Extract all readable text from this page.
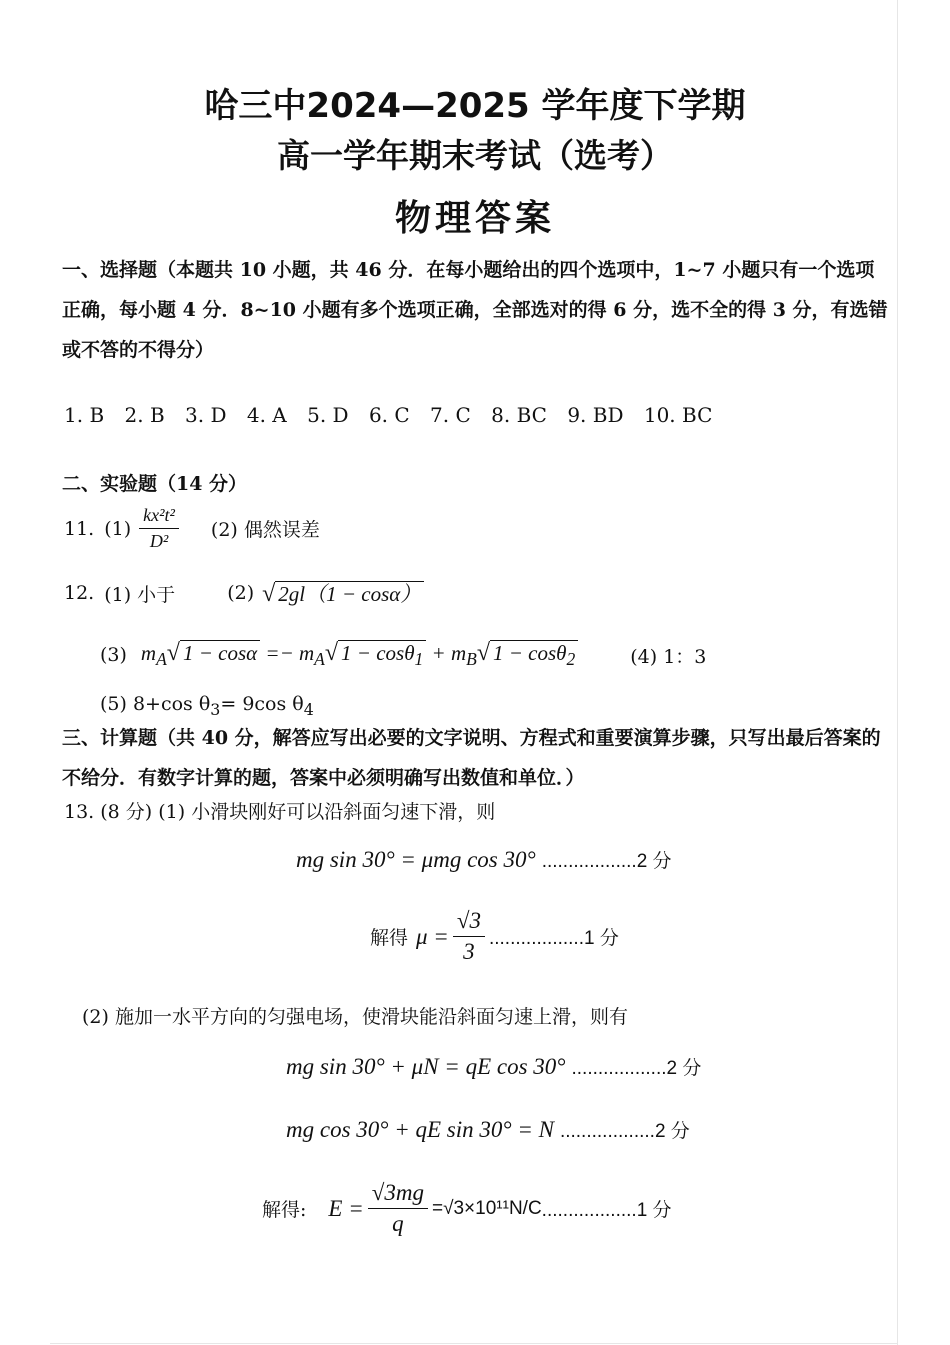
哈三中2024—2025 学年度下学期
高一学年期末考试（选考）
物理答案
一、选择题（本题共 10 小题，共 46 分．在每小题给出的四个选项中，1~7 小题只有一个选项正确，每小题 4 分．8~10 小题有多个选项正确，全部选对的得 6 分，选不全的得 3 分，有选错或不答的不得分）
1. B 2. B 3. D 4. A 5. D 6. C 7. C 8. BC 9. BD 10. BC
二、实验题（14 分）
11. $(1) \frac{\text{kx²t²}}{\text{D²}} (2)$ 偶然误差
12. (1) 小于	(2) √ 2gl（1 − cosα）
(3) $m_A√$ $1 - \cos\alpha =- m_A√$ $1 - \cos\theta_1 + m_B√$ 1 − cosθ$_2$	(4) 1：3
(5) 8+cos $\theta_3= 9\cos$ $\theta_4$
三、计算题（共 40 分，解答应写出必要的文字说明、方程式和重要演算步骤，只写出最后答案的不给分．有数字计算的题，答案中必须明确写出数值和单位．）
13. (8 分) (1) 小滑块刚好可以沿斜面匀速下滑，则
mg sin 30° = μmg cos 30° ..................2 分
解得 $\mu = \frac{√3}{3} ..................1$ 分
(2) 施加一水平方向的匀强电场，使滑块能沿斜面匀速上滑，则有
mg sin 30° + μN = qE cos 30° ..................2 分
mg cos 30° + qE sin 30° = N ..................2 分
解得: $E = \frac{√3mg}{q} =√3\times 10^{11}N/C$ ..................1 分
